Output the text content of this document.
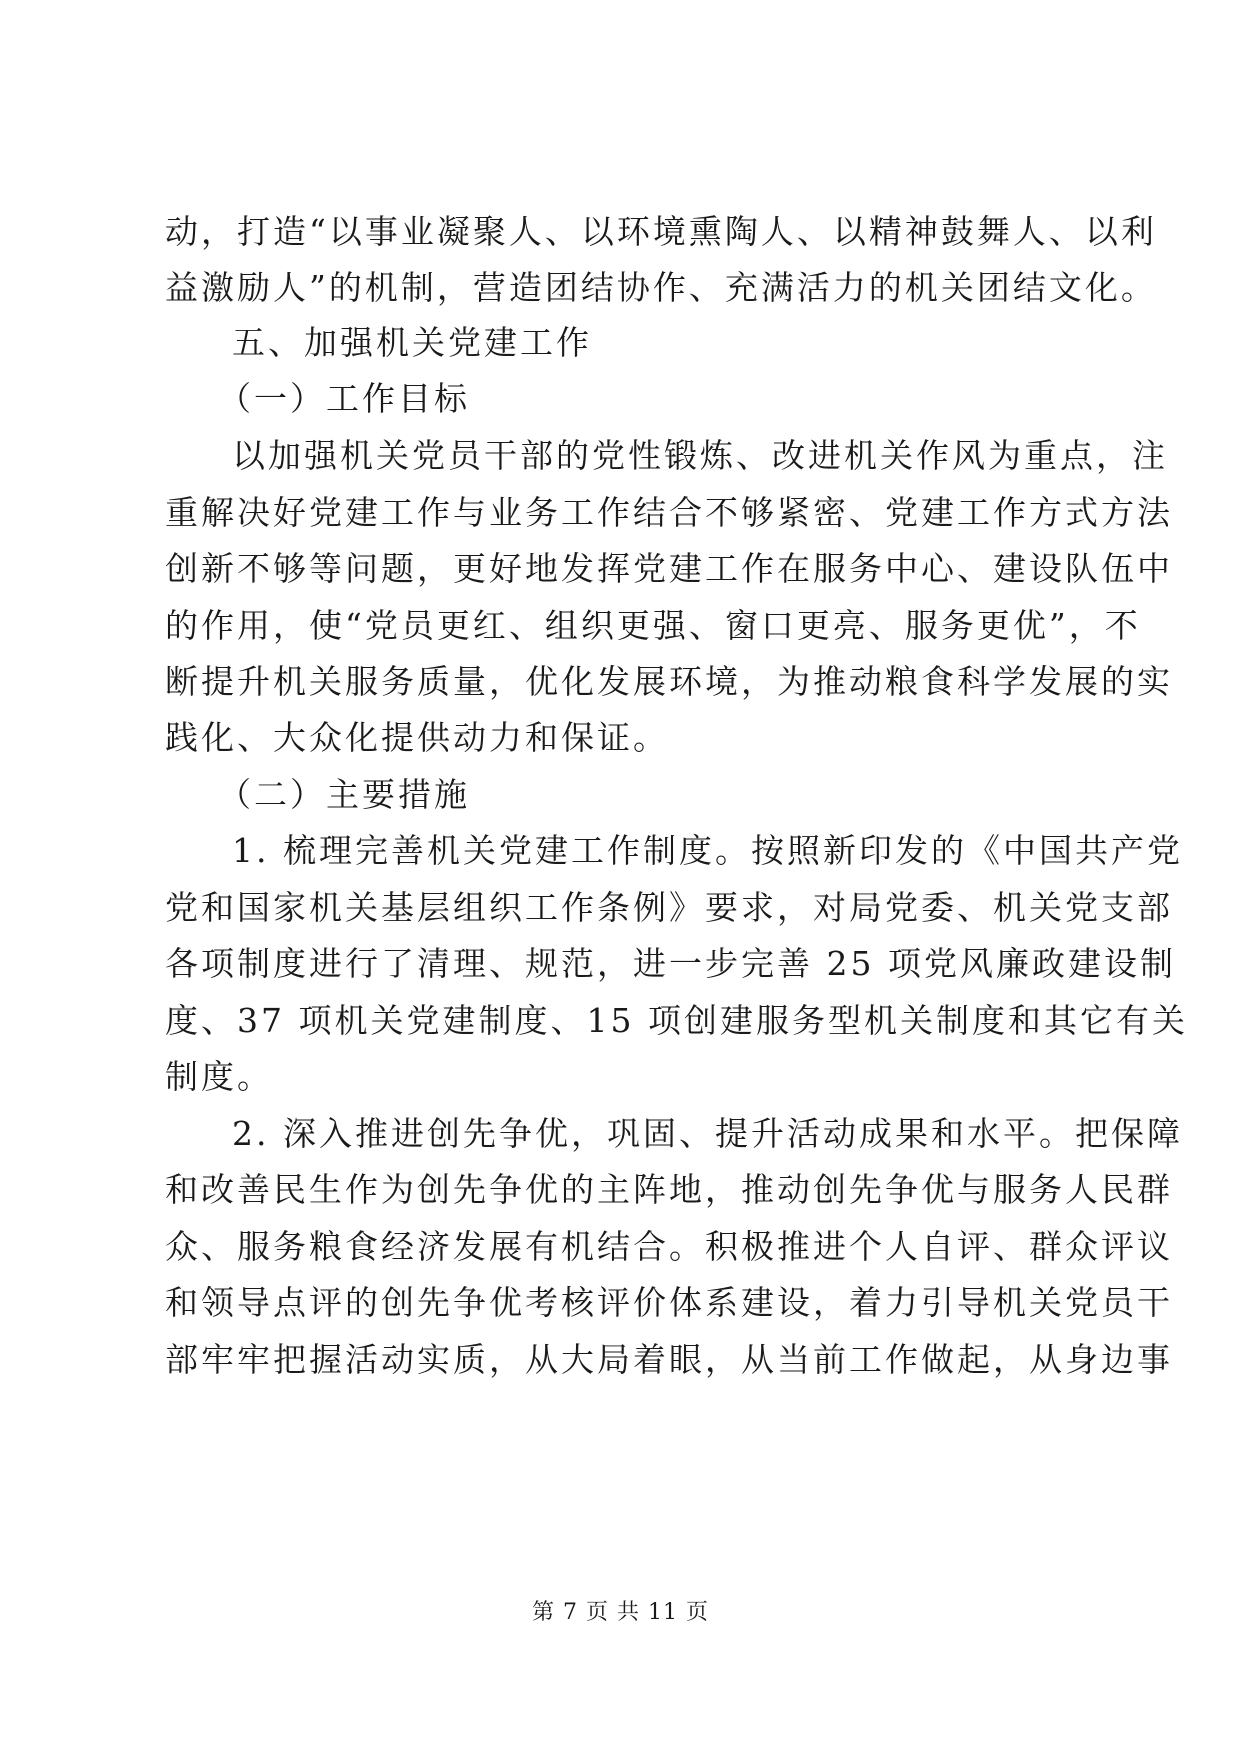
动，打造“以事业凝聚人、以环境熏陶人、以精神鼓舞人、以利
益激励人”的机制，营造团结协作、充满活力的机关团结文化。
五、加强机关党建工作
（一）工作目标
以加强机关党员干部的党性锻炼、改进机关作风为重点，注
重解决好党建工作与业务工作结合不够紧密、党建工作方式方法
创新不够等问题，更好地发挥党建工作在服务中心、建设队伍中
的作用，使“党员更红、组织更强、窗口更亮、服务更优”，不
断提升机关服务质量，优化发展环境，为推动粮食科学发展的实
践化、大众化提供动力和保证。
（二）主要措施
1. 梳理完善机关党建工作制度。按照新印发的《中国共产党
党和国家机关基层组织工作条例》要求，对局党委、机关党支部
各项制度进行了清理、规范，进一步完善 25 项党风廉政建设制
度、37 项机关党建制度、15 项创建服务型机关制度和其它有关
制度。
2. 深入推进创先争优，巩固、提升活动成果和水平。把保障
和改善民生作为创先争优的主阵地，推动创先争优与服务人民群
众、服务粮食经济发展有机结合。积极推进个人自评、群众评议
和领导点评的创先争优考核评价体系建设，着力引导机关党员干
部牢牢把握活动实质，从大局着眼，从当前工作做起，从身边事
第 7 页 共 11 页
